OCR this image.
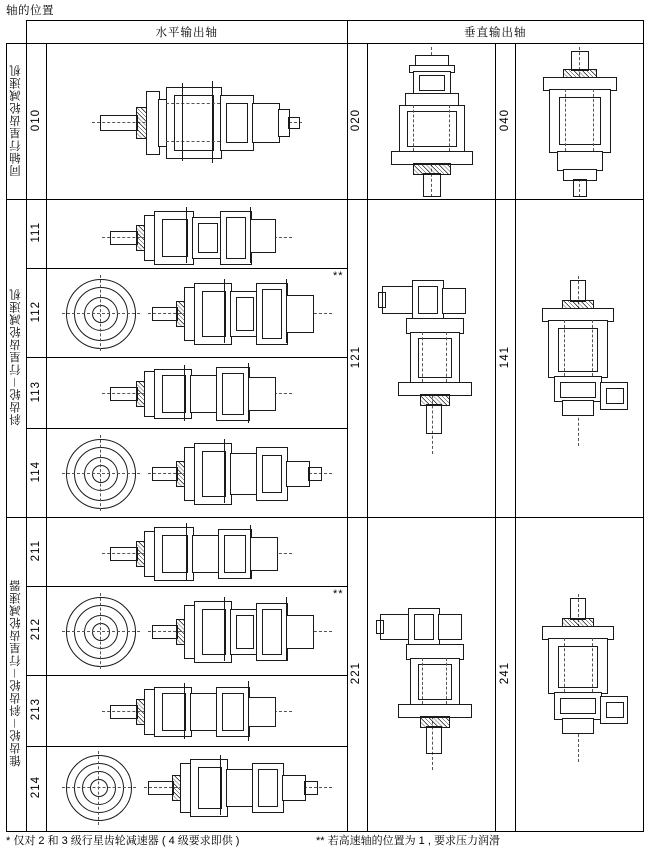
轴的位置
	水平输出轴		垂直输出轴			
同轴行星齿轮减速机	010		020		040	

斜齿轮－行星齿轮减速机	111		121		141	

	112	**				

	113					

	114					

锥齿轮－斜齿轮－行星齿轮减速器	211		221		241	

	212	**				

	213					

	214					
* 仅对 2 和 3 级行星齿轮减速器 ( 4 级要求即供 )	** 若高速轴的位置为 1 , 要求压力润滑
